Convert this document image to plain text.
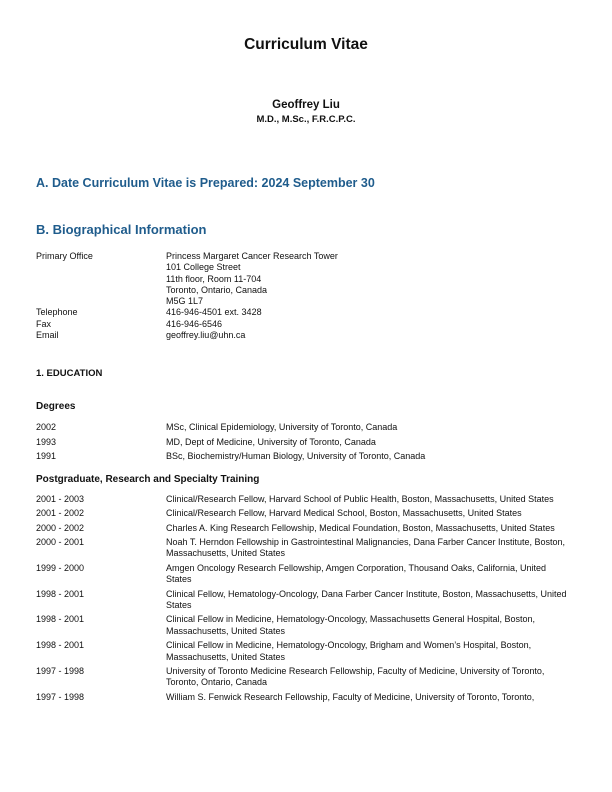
Curriculum Vitae
Geoffrey Liu
M.D., M.Sc., F.R.C.P.C.
A. Date Curriculum Vitae is Prepared: 2024 September 30
B. Biographical Information
Primary Office	Princess Margaret Cancer Research Tower
101 College Street
11th floor, Room 11-704
Toronto, Ontario, Canada
M5G 1L7
Telephone	416-946-4501 ext. 3428
Fax	416-946-6546
Email	geoffrey.liu@uhn.ca
1. EDUCATION
Degrees
2002	MSc, Clinical Epidemiology, University of Toronto, Canada
1993	MD, Dept of Medicine, University of Toronto, Canada
1991	BSc, Biochemistry/Human Biology, University of Toronto, Canada
Postgraduate, Research and Specialty Training
2001 - 2003	Clinical/Research Fellow, Harvard School of Public Health, Boston, Massachusetts, United States
2001 - 2002	Clinical/Research Fellow, Harvard Medical School, Boston, Massachusetts, United States
2000 - 2002	Charles A. King Research Fellowship, Medical Foundation, Boston, Massachusetts, United States
2000 - 2001	Noah T. Herndon Fellowship in Gastrointestinal Malignancies, Dana Farber Cancer Institute, Boston, Massachusetts, United States
1999 - 2000	Amgen Oncology Research Fellowship, Amgen Corporation, Thousand Oaks, California, United States
1998 - 2001	Clinical Fellow, Hematology-Oncology, Dana Farber Cancer Institute, Boston, Massachusetts, United States
1998 - 2001	Clinical Fellow in Medicine, Hematology-Oncology, Massachusetts General Hospital, Boston, Massachusetts, United States
1998 - 2001	Clinical Fellow in Medicine, Hematology-Oncology, Brigham and Women’s Hospital, Boston, Massachusetts, United States
1997 - 1998	University of Toronto Medicine Research Fellowship, Faculty of Medicine, University of Toronto, Toronto, Ontario, Canada
1997 - 1998	William S. Fenwick Research Fellowship, Faculty of Medicine, University of Toronto, Toronto,
